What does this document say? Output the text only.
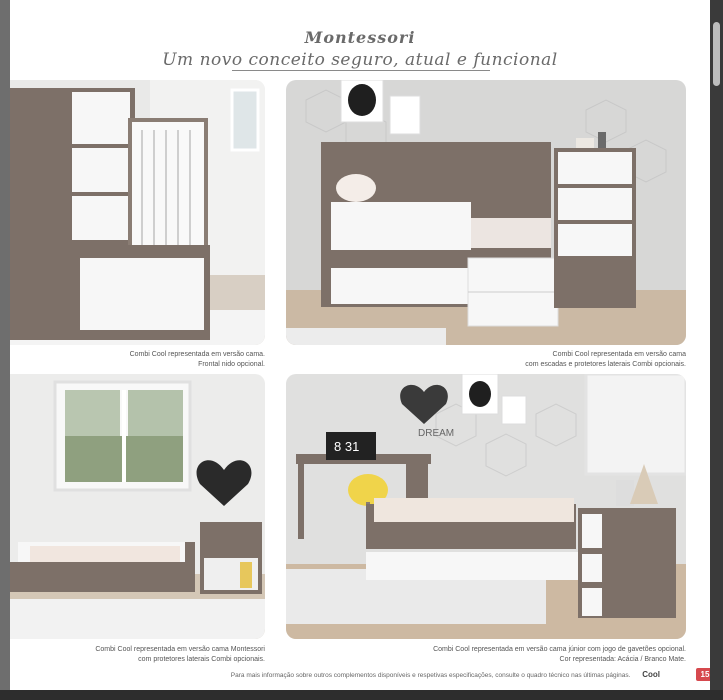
Montessori
Um novo conceito seguro, atual e funcional
DREAM
8 31
Combi Cool representada em versão cama.
Frontal nido opcional.
Combi Cool representada em versão cama
com escadas e protetores laterais Combi opcionais.
Combi Cool representada em versão cama Montessori
com protetores laterais Combi opcionais.
Combi Cool representada em versão cama júnior com jogo de gavetões opcional.
Cor representada: Acácia / Branco Mate.
Para mais informação sobre outros complementos disponíveis e respetivas especificações, consulte o quadro técnico nas últimas páginas. Cool	15
